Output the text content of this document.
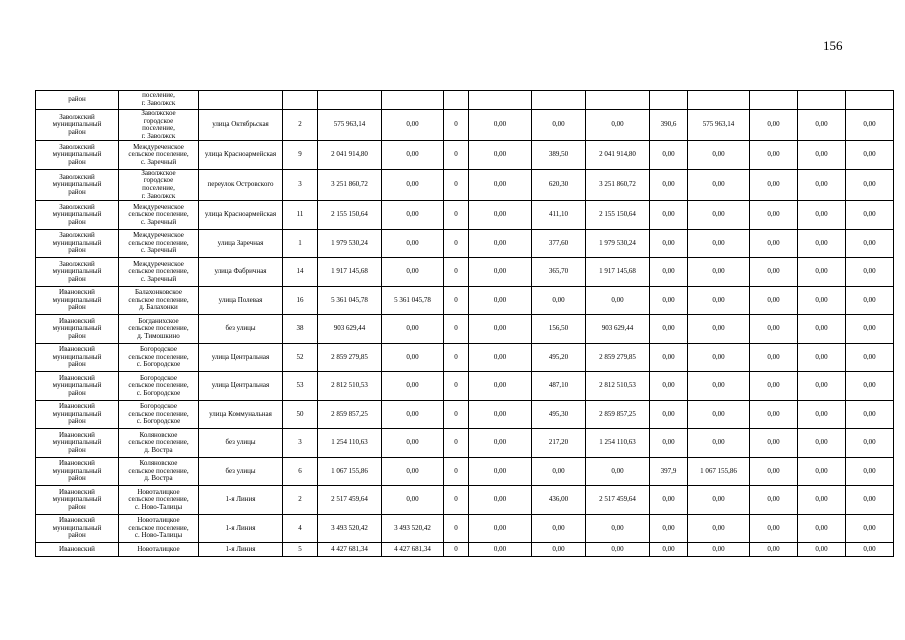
156
район	поселение,
г. Заволжск													

Заволжский
муниципальный
район	Заволжское
городское
поселение,
г. Заволжск	улица Октябрьская	2	575 963,14	0,00	0	0,00	0,00	0,00	390,6	575 963,14	0,00	0,00	0,00

Заволжский
муниципальный
район	Междуреченское
сельское поселение,
с. Заречный	улица Красноармейская	9	2 041 914,80	0,00	0	0,00	389,50	2 041 914,80	0,00	0,00	0,00	0,00	0,00

Заволжский
муниципальный
район	Заволжское
городское
поселение,
г. Заволжск	переулок Островского	3	3 251 860,72	0,00	0	0,00	620,30	3 251 860,72	0,00	0,00	0,00	0,00	0,00

Заволжский
муниципальный
район	Междуреченское
сельское поселение,
с. Заречный	улица Красноармейская	11	2 155 150,64	0,00	0	0,00	411,10	2 155 150,64	0,00	0,00	0,00	0,00	0,00

Заволжский
муниципальный
район	Междуреченское
сельское поселение,
с. Заречный	улица Заречная	1	1 979 530,24	0,00	0	0,00	377,60	1 979 530,24	0,00	0,00	0,00	0,00	0,00

Заволжский
муниципальный
район	Междуреченское
сельское поселение,
с. Заречный	улица Фабричная	14	1 917 145,68	0,00	0	0,00	365,70	1 917 145,68	0,00	0,00	0,00	0,00	0,00

Ивановский
муниципальный
район	Балахонковское
сельское поселение,
д. Балахонки	улица Полевая	16	5 361 045,78	5 361 045,78	0	0,00	0,00	0,00	0,00	0,00	0,00	0,00	0,00

Ивановский
муниципальный
район	Богданихское
сельское поселение,
д. Тимошкино	без улицы	38	903 629,44	0,00	0	0,00	156,50	903 629,44	0,00	0,00	0,00	0,00	0,00

Ивановский
муниципальный
район	Богородское
сельское поселение,
с. Богородское	улица Центральная	52	2 859 279,85	0,00	0	0,00	495,20	2 859 279,85	0,00	0,00	0,00	0,00	0,00

Ивановский
муниципальный
район	Богородское
сельское поселение,
с. Богородское	улица Центральная	53	2 812 510,53	0,00	0	0,00	487,10	2 812 510,53	0,00	0,00	0,00	0,00	0,00

Ивановский
муниципальный
район	Богородское
сельское поселение,
с. Богородское	улица Коммунальная	50	2 859 857,25	0,00	0	0,00	495,30	2 859 857,25	0,00	0,00	0,00	0,00	0,00

Ивановский
муниципальный
район	Коляновское
сельское поселение,
д. Востра	без улицы	3	1 254 110,63	0,00	0	0,00	217,20	1 254 110,63	0,00	0,00	0,00	0,00	0,00

Ивановский
муниципальный
район	Коляновское
сельское поселение,
д. Востра	без улицы	6	1 067 155,86	0,00	0	0,00	0,00	0,00	397,9	1 067 155,86	0,00	0,00	0,00

Ивановский
муниципальный
район	Новоталицкое
сельское поселение,
с. Ново-Талицы	1-я Линия	2	2 517 459,64	0,00	0	0,00	436,00	2 517 459,64	0,00	0,00	0,00	0,00	0,00

Ивановский
муниципальный
район	Новоталицкое
сельское поселение,
с. Ново-Талицы	1-я Линия	4	3 493 520,42	3 493 520,42	0	0,00	0,00	0,00	0,00	0,00	0,00	0,00	0,00

Ивановский	Новоталицкое	1-я Линия	5	4 427 681,34	4 427 681,34	0	0,00	0,00	0,00	0,00	0,00	0,00	0,00	0,00
